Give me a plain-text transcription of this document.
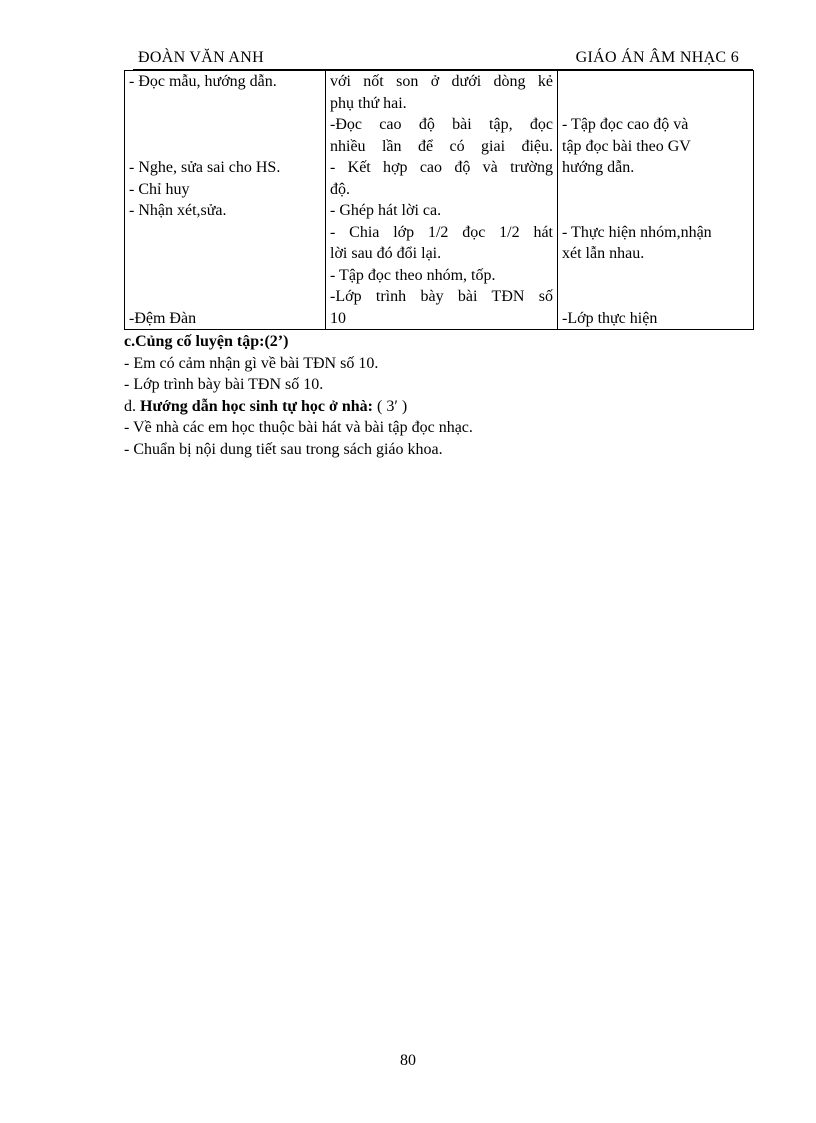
ĐOÀN VĂN ANH	GIÁO ÁN ÂM NHẠC 6
- Đọc mẫu, hướng dẫn.
- Nghe, sửa sai cho HS.
- Chỉ huy
- Nhận xét,sửa.
-Đệm Đàn

với nốt son ở dưới dòng kẻ
phụ thứ hai.
-Đọc cao độ bài tập, đọc
nhiều lần để có giai điệu.
- Kết hợp cao độ và trường
độ.
- Ghép hát lời ca.
- Chia lớp 1/2 đọc 1/2 hát
lời sau đó đổi lại.
- Tập đọc theo nhóm, tốp.
-Lớp trình bày bài TĐN số
10

- Tập đọc cao độ và
tập đọc bài theo GV
hướng dẫn.
- Thực hiện nhóm,nhận
xét lẫn nhau.
-Lớp thực hiện
c.Củng cố luyện tập:(2’)
- Em có cảm nhận gì về bài TĐN số 10.
- Lớp trình bày bài TĐN số 10.
d. Hướng dẫn học sinh tự học ở nhà: ( 3′ )
- Về nhà các em học thuộc bài hát và bài tập đọc nhạc.
- Chuẩn bị nội dung tiết sau trong sách giáo khoa.
80
